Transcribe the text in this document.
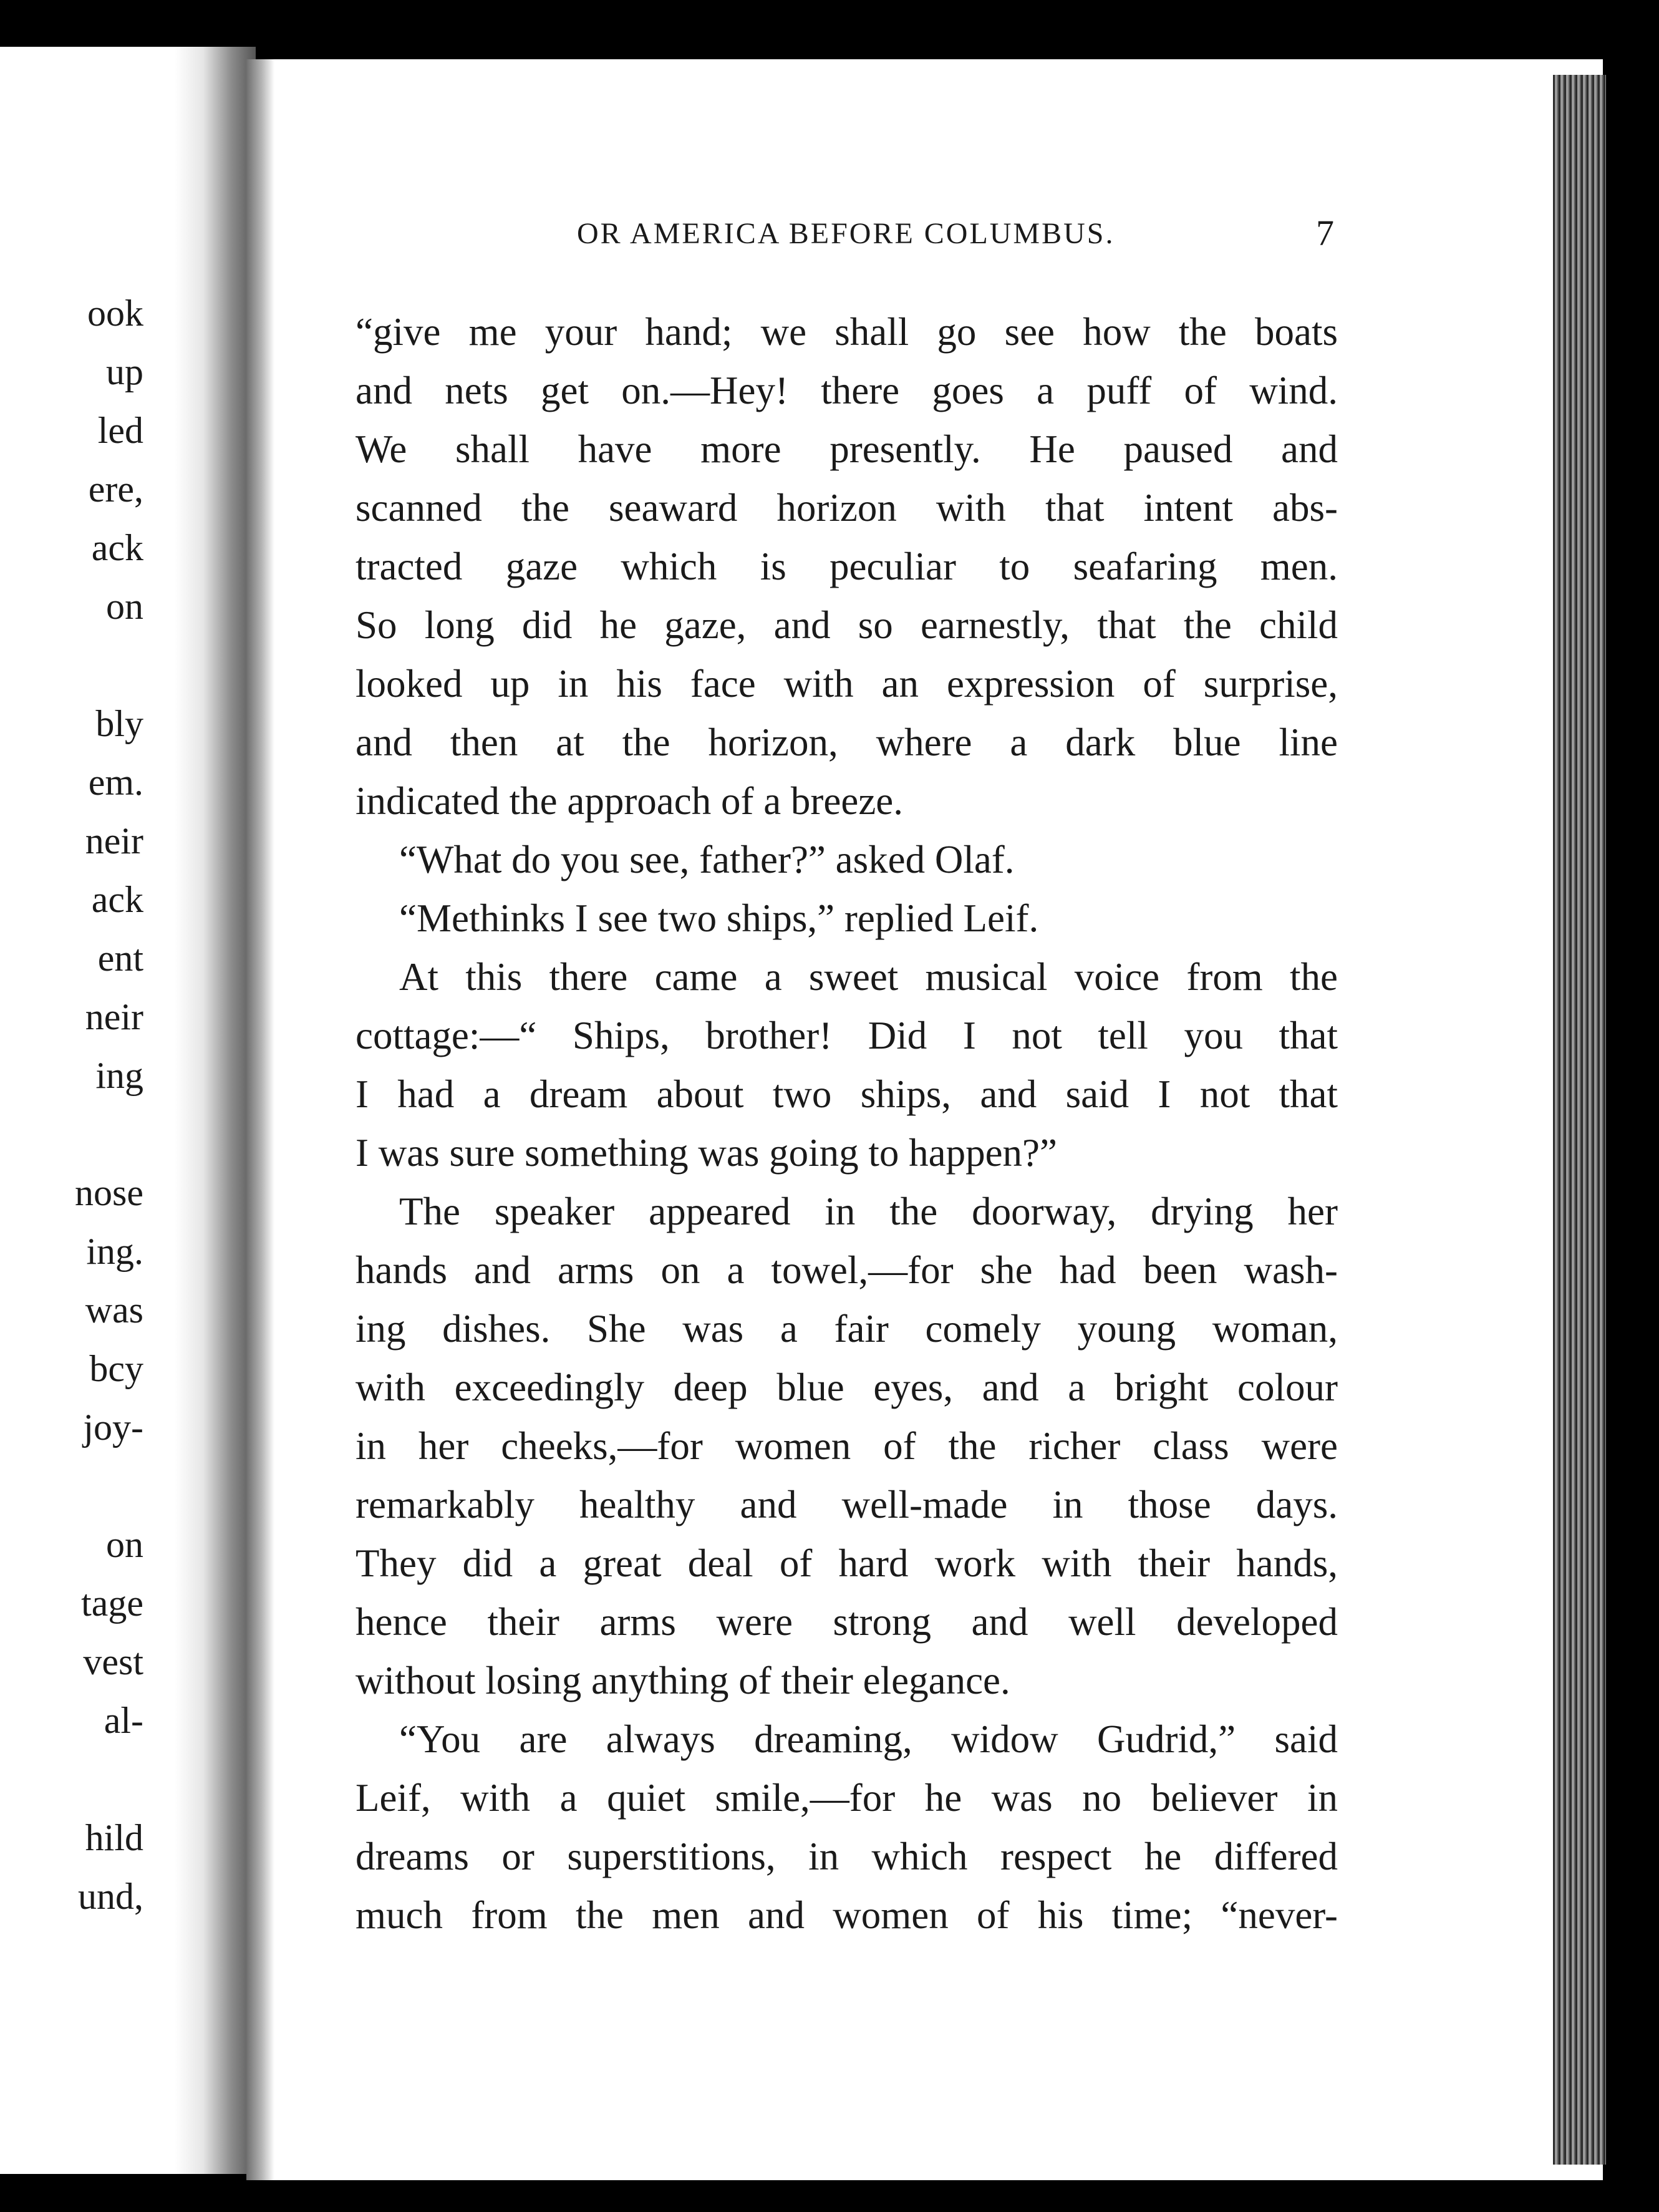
ook
up
led
ere,
ack
on
bly
em.
neir
ack
ent
neir
ing
nose
ing.
was
bcy
joy-
on
tage
vest
al-
hild
und,
OR AMERICA BEFORE COLUMBUS.	7
“give me your hand; we shall go see how the boats
and nets get on.—Hey! there goes a puff of wind.
We shall have more presently. He paused and
scanned the seaward horizon with that intent abs-
tracted gaze which is peculiar to seafaring men.
So long did he gaze, and so earnestly, that the child
looked up in his face with an expression of surprise,
and then at the horizon, where a dark blue line
indicated the approach of a breeze.
“What do you see, father?” asked Olaf.
“Methinks I see two ships,” replied Leif.
At this there came a sweet musical voice from the
cottage:—“ Ships, brother! Did I not tell you that
I had a dream about two ships, and said I not that
I was sure something was going to happen?”
The speaker appeared in the doorway, drying her
hands and arms on a towel,—for she had been wash-
ing dishes. She was a fair comely young woman,
with exceedingly deep blue eyes, and a bright colour
in her cheeks,—for women of the richer class were
remarkably healthy and well-made in those days.
They did a great deal of hard work with their hands,
hence their arms were strong and well developed
without losing anything of their elegance.
“You are always dreaming, widow Gudrid,” said
Leif, with a quiet smile,—for he was no believer in
dreams or superstitions, in which respect he differed
much from the men and women of his time; “never-
